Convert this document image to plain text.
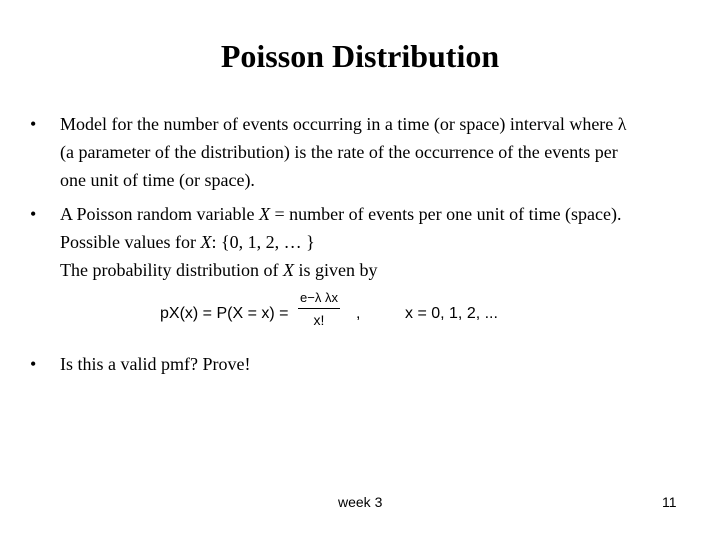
Poisson Distribution
•	Model for the number of events occurring in a time (or space) interval where λ
(a parameter of the distribution) is the rate of the occurrence of the events per
one unit of time (or space).
•	A Poisson random variable X = number of events per one unit of time (space).
Possible values for X: {0, 1, 2, … }
The probability distribution of X is given by
pX(x) = P(X = x) =
e−λ λx
x!	,	x = 0, 1, 2, ...
•	Is this a valid pmf? Prove!
week 3	11
